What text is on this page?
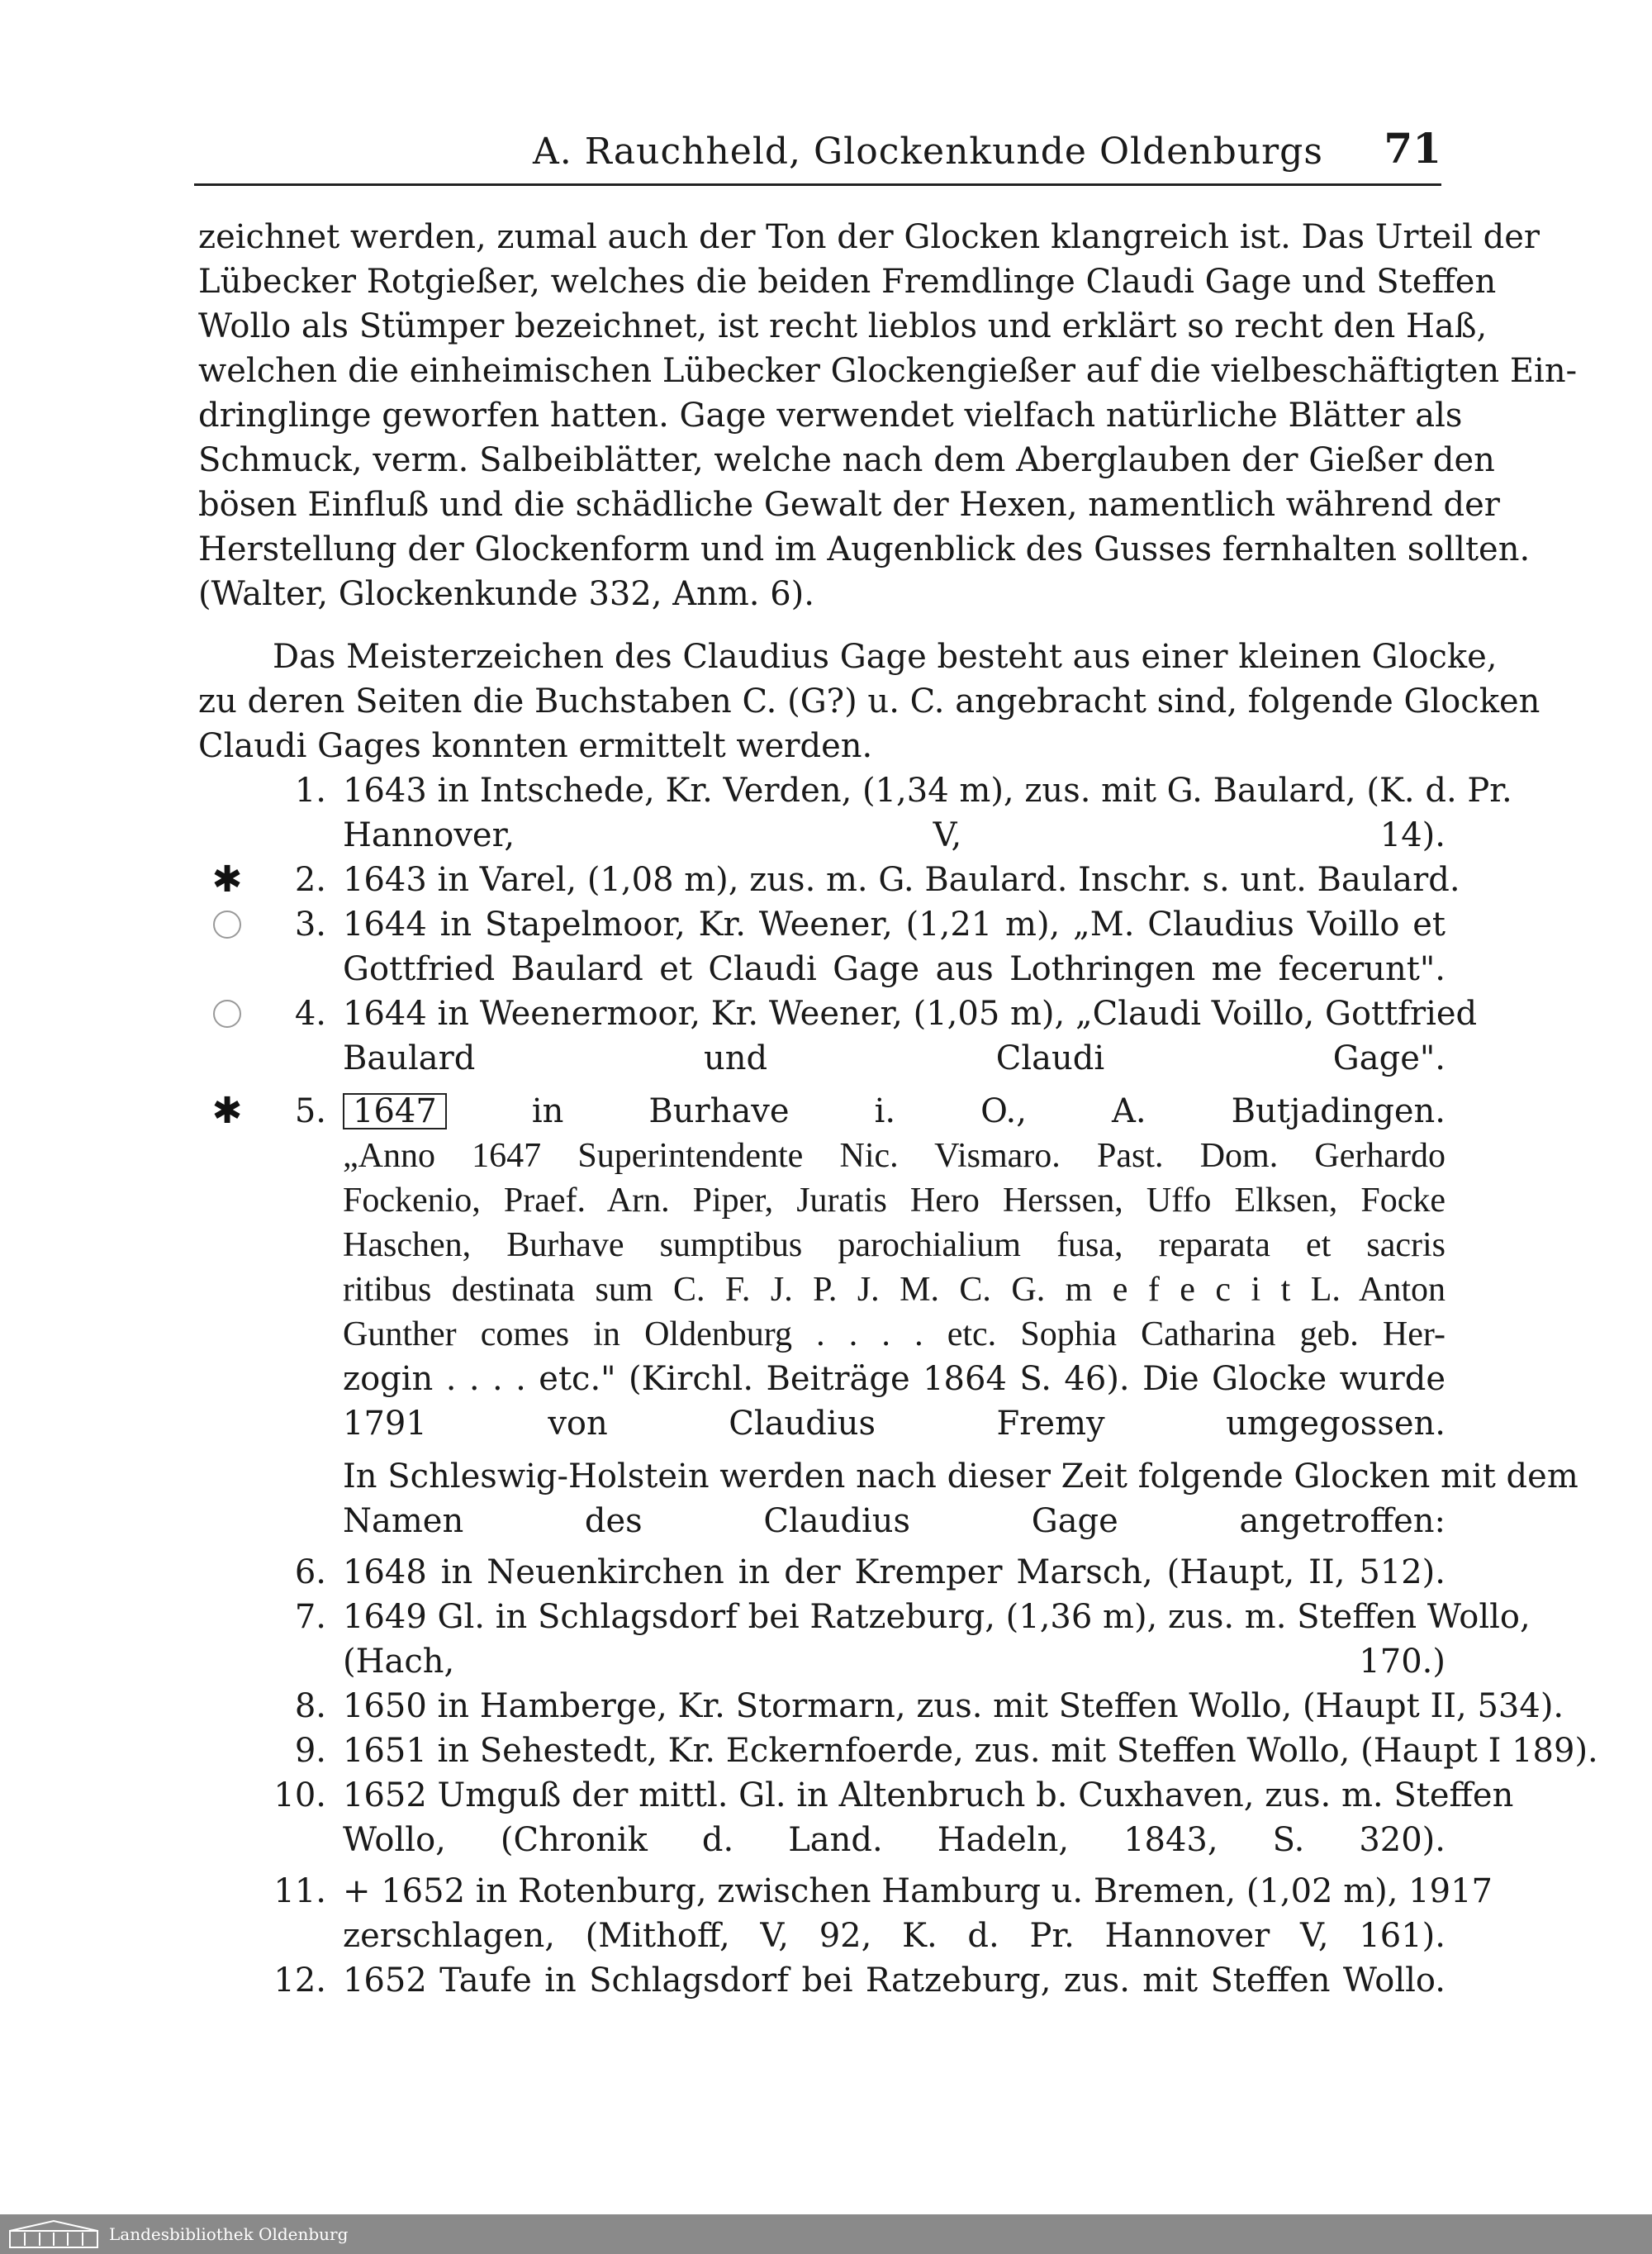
A. Rauchheld, Glockenkunde Oldenburgs 71
zeichnet werden, zumal auch der Ton der Glocken klangreich ist. Das Urteil der
Lübecker Rotgießer, welches die beiden Fremdlinge Claudi Gage und Steffen
Wollo als Stümper bezeichnet, ist recht lieblos und erklärt so recht den Haß,
welchen die einheimischen Lübecker Glockengießer auf die vielbeschäftigten Ein-
dringlinge geworfen hatten. Gage verwendet vielfach natürliche Blätter als
Schmuck, verm. Salbeiblätter, welche nach dem Aberglauben der Gießer den
bösen Einfluß und die schädliche Gewalt der Hexen, namentlich während der
Herstellung der Glockenform und im Augenblick des Gusses fernhalten sollten.
(Walter, Glockenkunde 332, Anm. 6).
Das Meisterzeichen des Claudius Gage besteht aus einer kleinen Glocke,
zu deren Seiten die Buchstaben C. (G?) u. C. angebracht sind, folgende Glocken
Claudi Gages konnten ermittelt werden.
1. 1643 in Intschede, Kr. Verden, (1,34 m), zus. mit G. Baulard, (K. d. Pr.
Hannover, V, 14).
✱	2. 1643 in Varel, (1,08 m), zus. m. G. Baulard. Inschr. s. unt. Baulard.
3. 1644 in Stapelmoor, Kr. Weener, (1,21 m), „M. Claudius Voillo et
Gottfried Baulard et Claudi Gage aus Lothringen me fecerunt".
4. 1644 in Weenermoor, Kr. Weener, (1,05 m), „Claudi Voillo, Gottfried
Baulard und Claudi Gage".
✱	5. 1647	in Burhave i. O., A. Butjadingen.
„Anno 1647 Superintendente Nic. Vismaro. Past. Dom. Gerhardo
Fockenio, Praef. Arn. Piper, Juratis Hero Herssen, Uffo Elksen, Focke
Haschen, Burhave sumptibus parochialium fusa, reparata et sacris
ritibus destinata sum C. F. J. P. J. M. C. G. m e f e c i t L. Anton
Gunther comes in Oldenburg . . . . etc. Sophia Catharina geb. Her-
zogin . . . . etc." (Kirchl. Beiträge 1864 S. 46). Die Glocke wurde
1791 von Claudius Fremy umgegossen.
In Schleswig-Holstein werden nach dieser Zeit folgende Glocken mit dem
Namen des Claudius Gage angetroffen:
6. 1648 in Neuenkirchen in der Kremper Marsch, (Haupt, II, 512).
7. 1649 Gl. in Schlagsdorf bei Ratzeburg, (1,36 m), zus. m. Steffen Wollo,
(Hach, 170.)
8. 1650 in Hamberge, Kr. Stormarn, zus. mit Steffen Wollo, (Haupt II, 534).
9. 1651 in Sehestedt, Kr. Eckernfoerde, zus. mit Steffen Wollo, (Haupt I 189).
10. 1652 Umguß der mittl. Gl. in Altenbruch b. Cuxhaven, zus. m. Steffen
Wollo, (Chronik d. Land. Hadeln, 1843, S. 320).
11. + 1652 in Rotenburg, zwischen Hamburg u. Bremen, (1,02 m), 1917
zerschlagen, (Mithoff, V, 92, K. d. Pr. Hannover V, 161).
12. 1652 Taufe in Schlagsdorf bei Ratzeburg, zus. mit Steffen Wollo.
Landesbibliothek Oldenburg
